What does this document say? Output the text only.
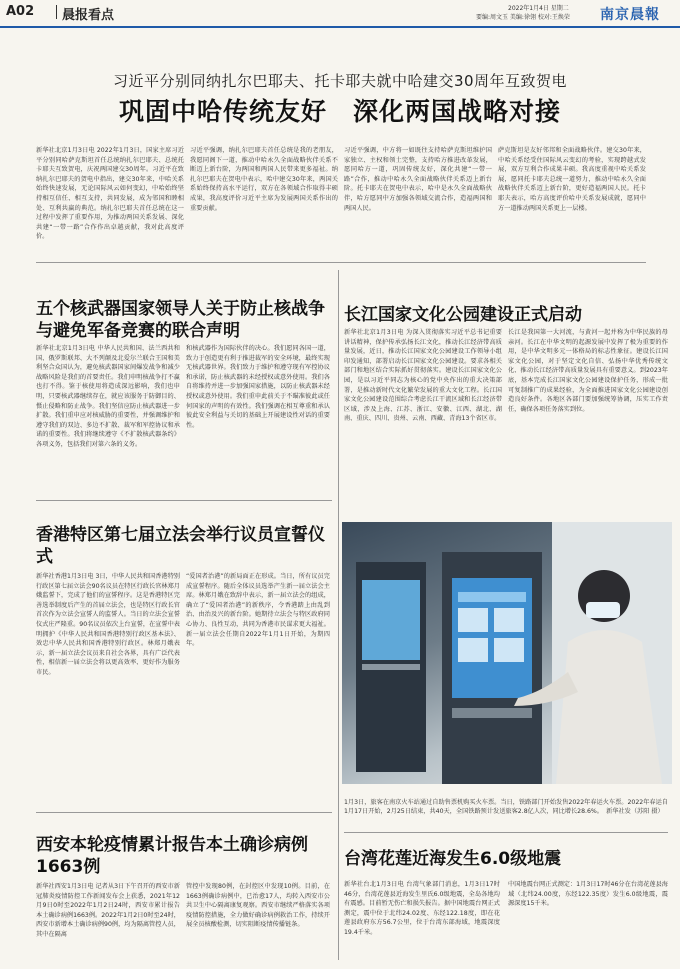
A02 晨报看点	2022年1月4日 星期二
要编:周文玉 美编:徐翎 校对:王焕荣 南京晨報
习近平分别同纳扎尔巴耶夫、托卡耶夫就中哈建交30周年互致贺电
巩固中哈传统友好　深化两国战略对接
新华社北京1月3日电 2022年1月3日，国家主席习近平分别同哈萨克斯坦首任总统纳扎尔巴耶夫、总统托卡耶夫互致贺电，庆祝两国建交30周年。习近平在致纳扎尔巴耶夫的贺电中指出，建交30年来，中哈关系始终快速发展，无论国际风云如何变幻，中哈始终坚持相互信任、相互支持，共同发展，成为邻国和睦相处、互利共赢的典范。纳扎尔巴耶夫首任总统在这一过程中发挥了重要作用，为推动两国关系发展、深化共建“一带一路”合作作出卓越贡献，我对此高度评价。
习近平强调，纳扎尔巴耶夫首任总统是我的老朋友，我愿同阁下一道，推动中哈永久全面战略伙伴关系不断迈上新台阶，为两国和两国人民带来更多福祉。纳扎尔巴耶夫在贺电中表示，哈中建交30年来，两国关系始终保持高水平运行，双方在各领域合作取得丰硕成果，我高度评价习近平主席为发展两国关系作出的重要贡献。
习近平强调，中方将一如既往支持哈萨克斯坦维护国家独立、主权和领土完整，支持哈方推进改革发展，愿同哈方一道，巩固传统友好，深化共建“一带一路”合作，推动中哈永久全面战略伙伴关系迈上新台阶。托卡耶夫在贺电中表示，哈中是永久全面战略伙伴，哈方愿同中方加强各领域交流合作，造福两国和两国人民。
萨克斯坦是友好邻邦和全面战略伙伴。建交30年来，中哈关系经受住国际风云变幻的考验，实现跨越式发展，双方互利合作成果丰硕。我高度重视中哈关系发展，愿同托卡耶夫总统一道努力，推动中哈永久全面战略伙伴关系迈上新台阶，更好造福两国人民。托卡耶夫表示，哈方高度评价哈中关系发展成就，愿同中方一道推动两国关系更上一层楼。
五个核武器国家领导人关于防止核战争与避免军备竞赛的联合声明
新华社北京1月3日电 中华人民共和国、法兰西共和国、俄罗斯联邦、大不列颠及北爱尔兰联合王国和美利坚合众国认为，避免核武器国家间爆发战争和减少战略风险是我们的首要责任。我们申明核战争打不赢也打不得。鉴于核使用将造成深远影响，我们也申明，只要核武器继续存在，就应该服务于防御目的、慑止侵略和防止战争。我们坚信应防止核武器进一步扩散。我们重申应对核威胁的重要性，并强调维护和遵守我们的双边、多边不扩散、裁军和军控协议和承诺的重要性。我们将继续遵守《不扩散核武器条约》各项义务，包括我们对第六条的义务。
和核武器作为国际伙伴的决心。我们愿同各国一道，致力于创造更有利于推进裁军的安全环境，最终实现无核武器世界。我们致力于维护和遵守现有军控协议和承诺，防止核武器的未经授权或意外使用。我们各自将维持并进一步加强国家措施，以防止核武器未经授权或意外使用。我们重申此前关于不瞄准彼此或任何国家的声明的有效性。我们强调在相互尊重和承认彼此安全利益与关切的基础上开展建设性对话的重要性。
长江国家文化公园建设正式启动
新华社北京1月3日电 为深入贯彻落实习近平总书记重要讲话精神，保护传承弘扬长江文化，推动长江经济带高质量发展，近日，推动长江国家文化公园建设工作领导小组印发通知，部署启动长江国家文化公园建设。要求各相关部门和地区结合实际抓好贯彻落实。建设长江国家文化公园，是以习近平同志为核心的党中央作出的重大决策部署，是推动新时代文化繁荣发展的重大文化工程。长江国家文化公园建设范围综合考虑长江干流区域和长江经济带区域，涉及上海、江苏、浙江、安徽、江西、湖北、湖南、重庆、四川、贵州、云南、西藏、青海13个省区市。
长江是我国第一大河流，与黄河一起并称为中华民族的母亲河。长江在中华文明的起源发展中发挥了极为重要的作用，是中华文明多元一体格局的标志性象征。建设长江国家文化公园，对于坚定文化自信、弘扬中华优秀传统文化、推动长江经济带高质量发展具有重要意义。到2023年底，基本完成长江国家文化公园建设保护任务，形成一批可复制推广的成果经验，为全面推进国家文化公园建设创造良好条件。各地区各部门要加强统筹协调，压实工作责任，确保各项任务落实到位。
香港特区第七届立法会举行议员宣誓仪式
新华社香港1月3日电 3日，中华人民共和国香港特别行政区第七届立法会90名议员在特区行政长官林郑月娥监誓下，完成了他们的宣誓程序。这是香港特区完善选举制度后产生的首届立法会，也是特区行政长官首次作为立法会宣誓人的监誓人。当日的立法会宣誓仪式庄严隆重。90名议员依次上台宣誓，在宣誓中表明拥护《中华人民共和国香港特别行政区基本法》、效忠中华人民共和国香港特别行政区。林郑月娥表示，新一届立法会议员来自社会各界，具有广泛代表性，相信新一届立法会将以更高效率、更好作为服务市民。
“爱国者治港”的新局面正在形成。当日，所有议员完成宣誓程序。随后全体议员选举产生新一届立法会主席。林郑月娥在致辞中表示，新一届立法会的组成，确立了“爱国者治港”的新秩序，令香港踏上由乱到治、由治及兴的新台阶。她期待立法会与特区政府同心协力、良性互动，共同为香港市民谋求更大福祉。新一届立法会任期自2022年1月1日开始，为期四年。
1月3日，旅客在南京火车站通过自助售票机购买火车票。当日，铁路部门开始发售2022年春运火车票。2022年春运自1月17日开始，2月25日结束，共40天，全国铁路预计发送旅客2.8亿人次，同比增长28.6%。　新华社发（苏阳 摄）
西安本轮疫情累计报告本土确诊病例1663例
新华社西安1月3日电 记者从3日下午召开的西安市新冠肺炎疫情防控工作新闻发布会上获悉，2021年12月9日0时至2022年1月2日24时，西安市累计报告本土确诊病例1663例。2022年1月2日0时至24时，西安市新增本土确诊病例90例，均为隔离管控人员，其中在隔离
管控中发现80例，在封控区中发现10例。目前，在1663例确诊病例中，已治愈17人，均转入西安市公共卫生中心隔离康复观察。西安市继续严格落实各项疫情防控措施，全力做好确诊病例救治工作，持续开展全员核酸检测，切实阻断疫情传播链条。
台湾花莲近海发生6.0级地震
新华社台北1月3日电 台湾气象部门消息，1月3日17时46分，台湾花莲县近海发生里氏6.0级地震，全岛各地均有震感。目前暂无伤亡和损失报告。据中国地震台网正式测定，震中位于北纬24.02度、东经122.18度，即在花莲县政府东方56.7公里，位于台湾东部海域，地震深度19.4千米。
中国地震台网正式测定：1月3日17时46分在台湾花莲县海域（北纬24.00度，东经122.35度）发生6.0级地震，震源深度15千米。
